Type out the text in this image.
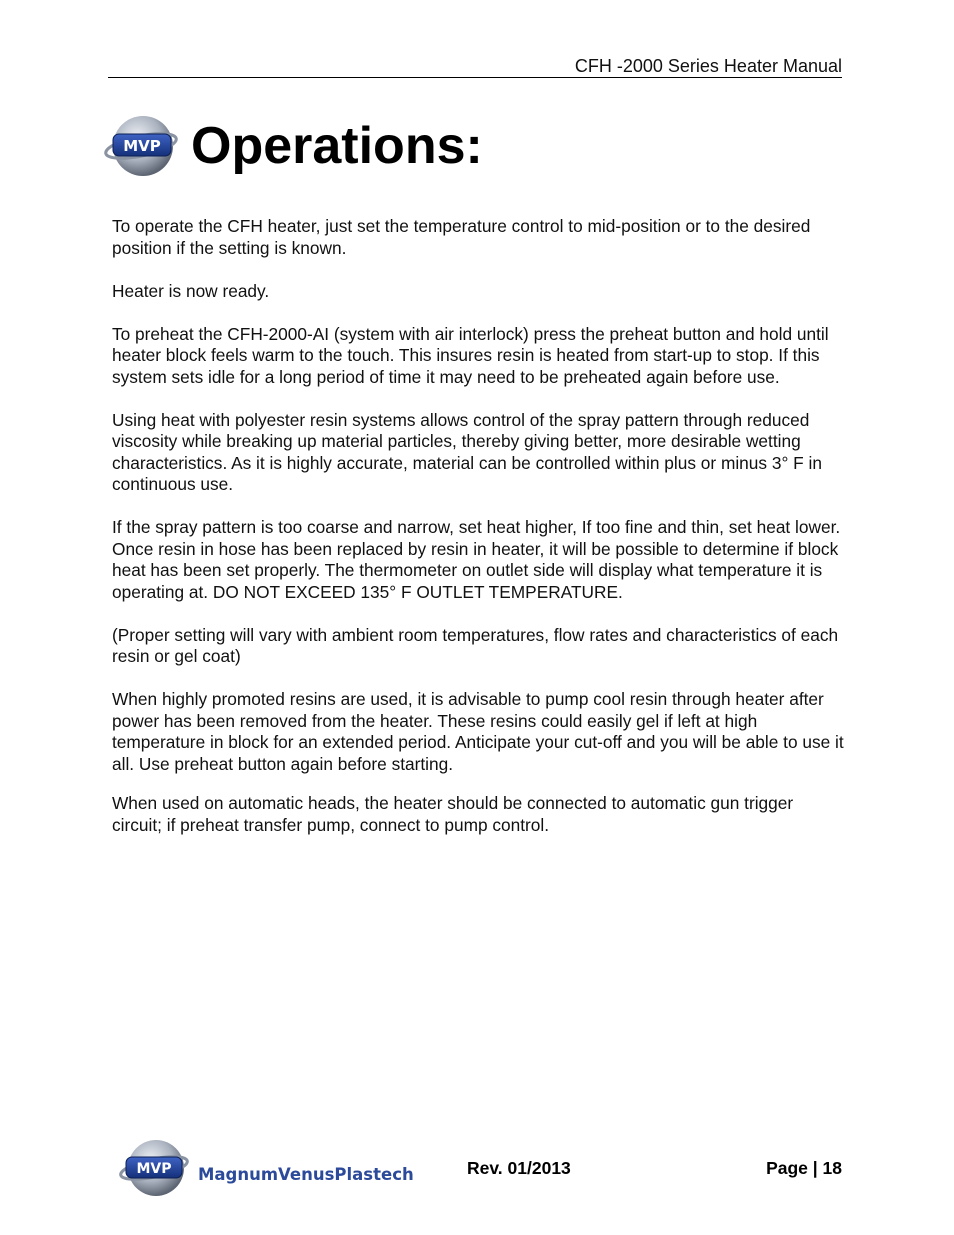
CFH -2000 Series Heater Manual
MVP Operations:

To operate the CFH heater, just set the temperature control to mid-position or to the desired position if the setting is known.

Heater is now ready.

To preheat the CFH-2000-AI (system with air interlock) press the preheat button and hold until heater block feels warm to the touch. This insures resin is heated from start-up to stop. If this system sets idle for a long period of time it may need to be preheated again before use.

Using heat with polyester resin systems allows control of the spray pattern through reduced viscosity while breaking up material particles, thereby giving better, more desirable wetting characteristics. As it is highly accurate, material can be controlled within plus or minus 3° F in continuous use.

If the spray pattern is too coarse and narrow, set heat higher, If too fine and thin, set heat lower. Once resin in hose has been replaced by resin in heater, it will be possible to determine if block heat has been set properly. The thermometer on outlet side will display what temperature it is operating at. DO NOT EXCEED 135° F OUTLET TEMPERATURE.

(Proper setting will vary with ambient room temperatures, flow rates and characteristics of each resin or gel coat)

When highly promoted resins are used, it is advisable to pump cool resin through heater after power has been removed from the heater. These resins could easily gel if left at high temperature in block for an extended period. Anticipate your cut-off and you will be able to use it all. Use preheat button again before starting.

When used on automatic heads, the heater should be connected to automatic gun trigger circuit; if preheat transfer pump, connect to pump control.

MVP MagnumVenusPlastech	Rev. 01/2013	Page | 18
